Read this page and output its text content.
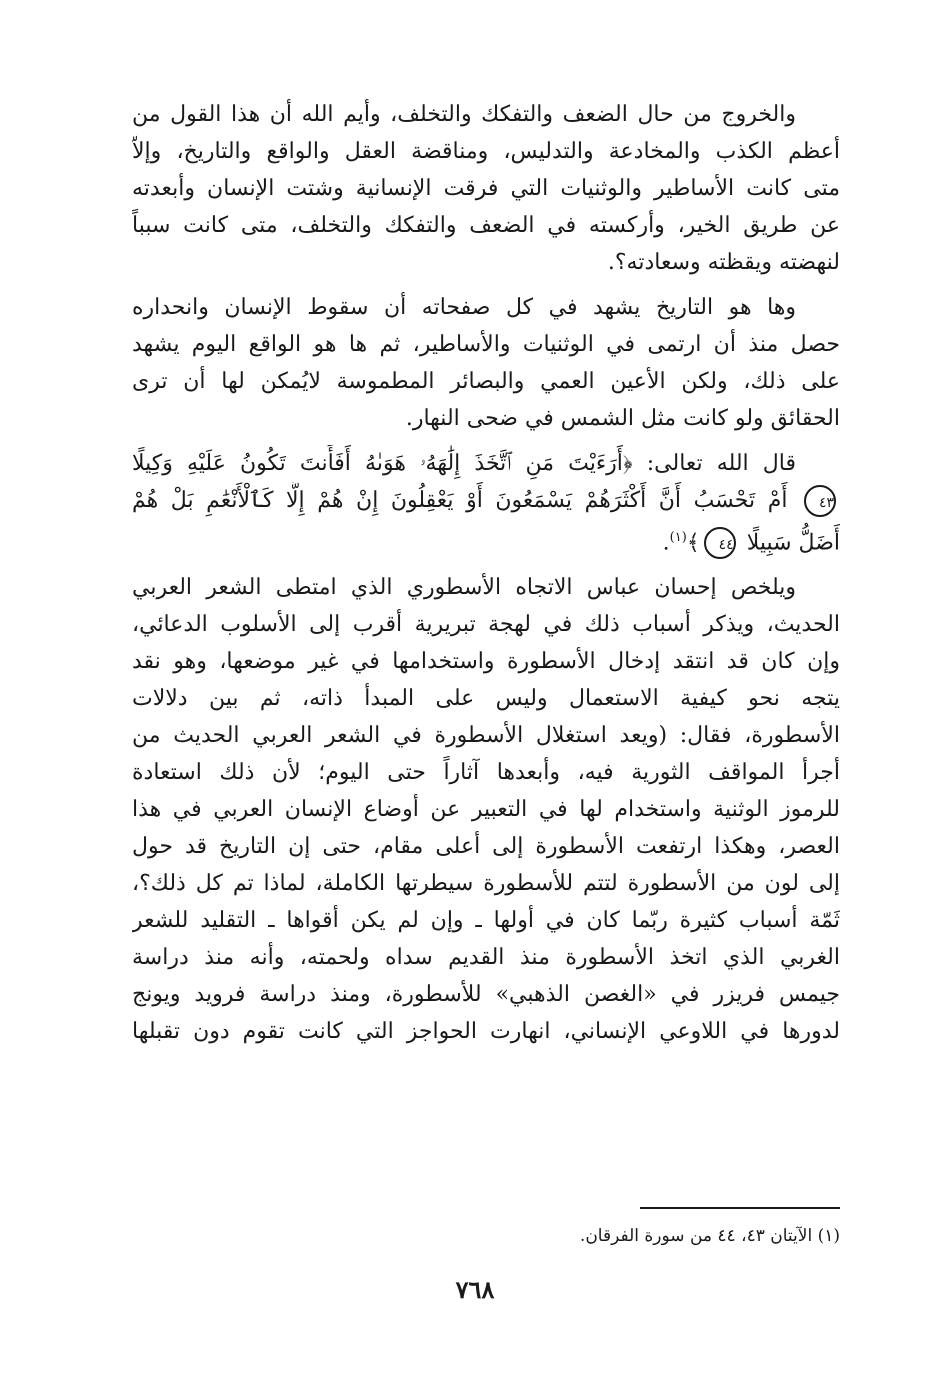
والخروج من حال الضعف والتفكك والتخلف، وأيم الله أن هذا القول من
أعظم الكذب والمخادعة والتدليس، ومناقضة العقل والواقع والتاريخ، وإلاّ
متى كانت الأساطير والوثنيات التي فرقت الإنسانية وشتت الإنسان وأبعدته
عن طريق الخير، وأركسته في الضعف والتفكك والتخلف، متى كانت سبباً
لنهضته ويقظته وسعادته؟.
وها هو التاريخ يشهد في كل صفحاته أن سقوط الإنسان وانحداره
حصل منذ أن ارتمى في الوثنيات والأساطير، ثم ها هو الواقع اليوم يشهد
على ذلك، ولكن الأعين العمي والبصائر المطموسة لايُمكن لها أن ترى
الحقائق ولو كانت مثل الشمس في ضحى النهار.
قال الله تعالى: ﴿أَرَءَيْتَ مَنِ ٱتَّخَذَ إِلَٰهَهُۥ هَوَىٰهُ أَفَأَنتَ تَكُونُ عَلَيْهِ وَكِيلًا
٤٣ أَمْ تَحْسَبُ أَنَّ أَكْثَرَهُمْ يَسْمَعُونَ أَوْ يَعْقِلُونَ إِنْ هُمْ إِلَّا كَٱلْأَنْعَٰمِ بَلْ هُمْ
أَضَلُّ سَبِيلًا ٤٤﴾$^{(١)}$.
ويلخص إحسان عباس الاتجاه الأسطوري الذي امتطى الشعر العربي
الحديث، ويذكر أسباب ذلك في لهجة تبريرية أقرب إلى الأسلوب الدعائي،
وإن كان قد انتقد إدخال الأسطورة واستخدامها في غير موضعها، وهو نقد
يتجه نحو كيفية الاستعمال وليس على المبدأ ذاته، ثم بين دلالات
الأسطورة، فقال: (ويعد استغلال الأسطورة في الشعر العربي الحديث من
أجرأ المواقف الثورية فيه، وأبعدها آثاراً حتى اليوم؛ لأن ذلك استعادة
للرموز الوثنية واستخدام لها في التعبير عن أوضاع الإنسان العربي في هذا
العصر، وهكذا ارتفعت الأسطورة إلى أعلى مقام، حتى إن التاريخ قد حول
إلى لون من الأسطورة لتتم للأسطورة سيطرتها الكاملة، لماذا تم كل ذلك؟،
ثَمّة أسباب كثيرة ربّما كان في أولها ـ وإن لم يكن أقواها ـ التقليد للشعر
الغربي الذي اتخذ الأسطورة منذ القديم سداه ولحمته، وأنه منذ دراسة
جيمس فريزر في «الغصن الذهبي» للأسطورة، ومنذ دراسة فرويد ويونج
لدورها في اللاوعي الإنساني، انهارت الحواجز التي كانت تقوم دون تقبلها
(١) الآيتان ٤٣، ٤٤ من سورة الفرقان.
٧٦٨
